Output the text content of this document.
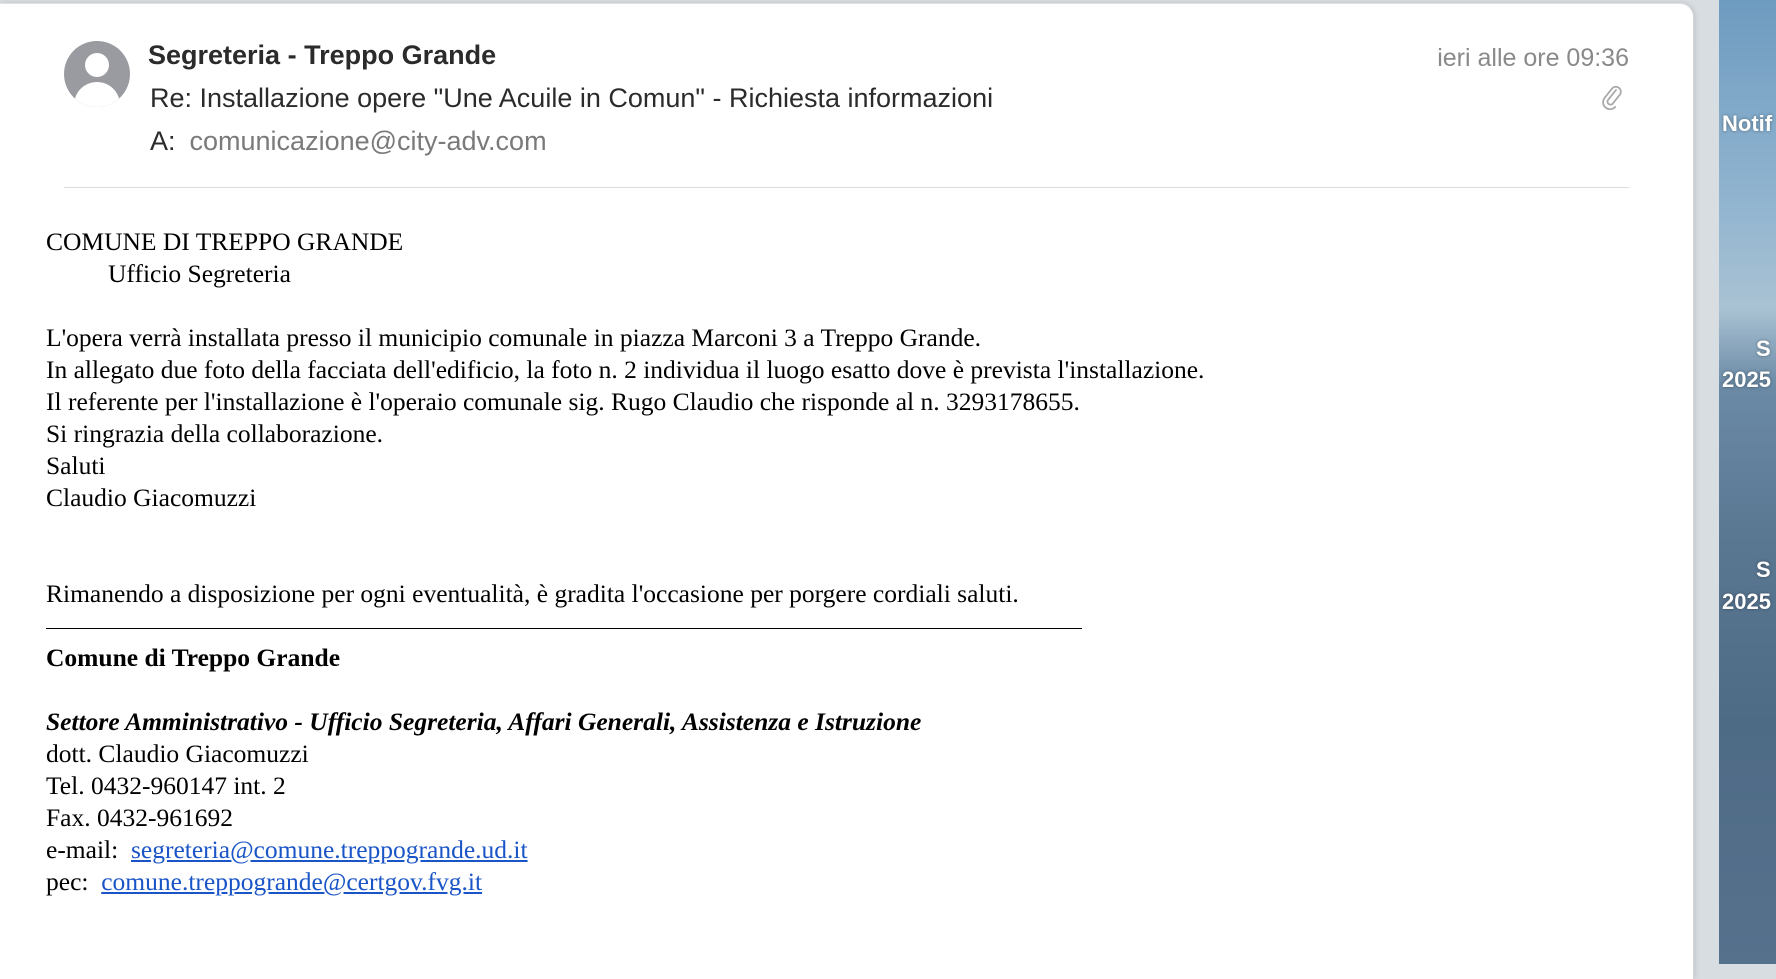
Segreteria - Treppo Grande
Re: Installazione opere "Une Acuile in Comun" - Richiesta informazioni
A: comunicazione@city-adv.com
ieri alle ore 09:36

COMUNE DI TREPPO GRANDE

Ufficio Segreteria

L'opera verrà installata presso il municipio comunale in piazza Marconi 3 a Treppo Grande.

In allegato due foto della facciata dell'edificio, la foto n. 2 individua il luogo esatto dove è prevista l'installazione.

Il referente per l'installazione è l'operaio comunale sig. Rugo Claudio che risponde al n. 3293178655.

Si ringrazia della collaborazione.

Saluti

Claudio Giacomuzzi

Rimanendo a disposizione per ogni eventualità, è gradita l'occasione per porgere cordiali saluti.

Comune di Treppo Grande

Settore Amministrativo - Ufficio Segreteria, Affari Generali, Assistenza e Istruzione

dott. Claudio Giacomuzzi

Tel. 0432-960147 int. 2

Fax. 0432-961692

e-mail: segreteria@comune.treppogrande.ud.it

pec: comune.treppogrande@certgov.fvg.it

Notif
S
2025
S
2025
